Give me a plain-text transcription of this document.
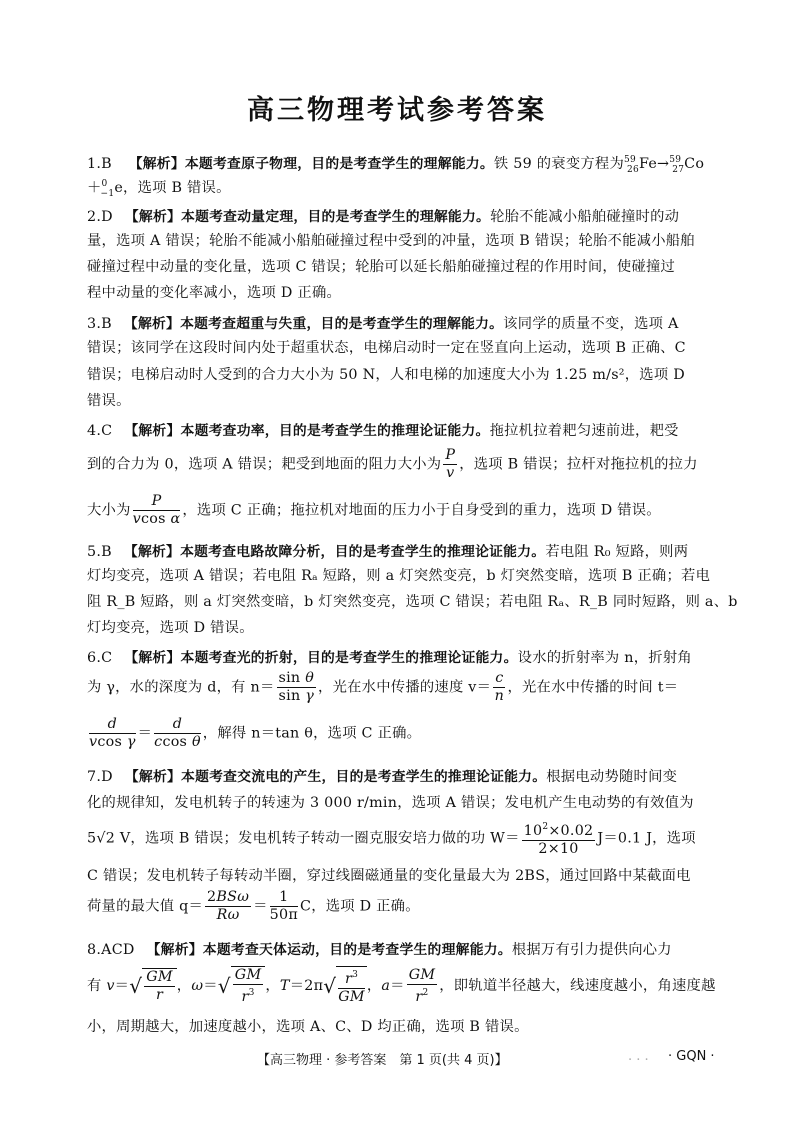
高三物理考试参考答案
1.B 【解析】本题考查原子物理，目的是考查学生的理解能力。铁 59 的衰变方程为$^{59}_{26}$Fe→$^{59}_{27}$Co
＋$^0_{-1}$e，选项 B 错误。
2.D 【解析】本题考查动量定理，目的是考查学生的理解能力。轮胎不能减小船舶碰撞时的动
量，选项 A 错误；轮胎不能减小船舶碰撞过程中受到的冲量，选项 B 错误；轮胎不能减小船舶
碰撞过程中动量的变化量，选项 C 错误；轮胎可以延长船舶碰撞过程的作用时间，使碰撞过
程中动量的变化率减小，选项 D 正确。
3.B 【解析】本题考查超重与失重，目的是考查学生的理解能力。该同学的质量不变，选项 A
错误；该同学在这段时间内处于超重状态，电梯启动时一定在竖直向上运动，选项 B 正确、C
错误；电梯启动时人受到的合力大小为 50 N，人和电梯的加速度大小为 1.25 m/s²，选项 D
错误。
4.C 【解析】本题考查功率，目的是考查学生的推理论证能力。拖拉机拉着耙匀速前进，耙受
到的合力为 0，选项 A 错误；耙受到地面的阻力大小为 $\frac{P}{v}$ ，选项 B 错误；拉杆对拖拉机的拉力
大小为 $\frac{P}{\text{vcos α}}$ ，选项 C 正确；拖拉机对地面的压力小于自身受到的重力，选项 D 错误。
5.B 【解析】本题考查电路故障分析，目的是考查学生的推理论证能力。若电阻 R₀ 短路，则两
灯均变亮，选项 A 错误；若电阻 Rₐ 短路，则 a 灯突然变亮，b 灯突然变暗，选项 B 正确；若电
阻 R_B 短路，则 a 灯突然变暗，b 灯突然变亮，选项 C 错误；若电阻 Rₐ、R_B 同时短路，则 a、b
灯均变亮，选项 D 错误。
6.C 【解析】本题考查光的折射，目的是考查学生的推理论证能力。设水的折射率为 n，折射角
为 γ，水的深度为 d，有 $n= \frac{\text{sin θ}}{\text{sin γ}}$ ，光在水中传播的速度 $v= \frac{c}{n}$ ，光在水中传播的时间 t＝
$\frac{d}{\text{vcos γ}} = \frac{d}{\text{ccos θ}}$ ，解得 n＝tan θ，选项 C 正确。
7.D 【解析】本题考查交流电的产生，目的是考查学生的推理论证能力。根据电动势随时间变
化的规律知，发电机转子的转速为 3 000 r/min，选项 A 错误；发电机产生电动势的有效值为
5√2 V，选项 B 错误；发电机转子转动一圈克服安培力做的功 $W= \frac{10^2\times 0.02}{2\times 10} J=0.1$ J，选项
C 错误；发电机转子每转动半圈，穿过线圈磁通量的变化量最大为 2BS，通过回路中某截面电
荷量的最大值 $q= \frac{\text{2BSω}}{R\omega} = \frac{1}{50\pi}$ C，选项 D 正确。
8.ACD 【解析】本题考查天体运动，目的是考查学生的理解能力。根据万有引力提供向心力
有 $v=√ \frac{GM}{r}$ ，$\omega=√ \frac{GM}{r^3}$ ，$T=2\pi√ \frac{r^3}{GM}$ ，$a= \frac{GM}{r^2}$ ，即轨道半径越大，线速度越小，角速度越
小，周期越大，加速度越小，选项 A、C、D 均正确，选项 B 错误。
【高三物理 · 参考答案　第 1 页(共 4 页)】	. . . · GQN ·
